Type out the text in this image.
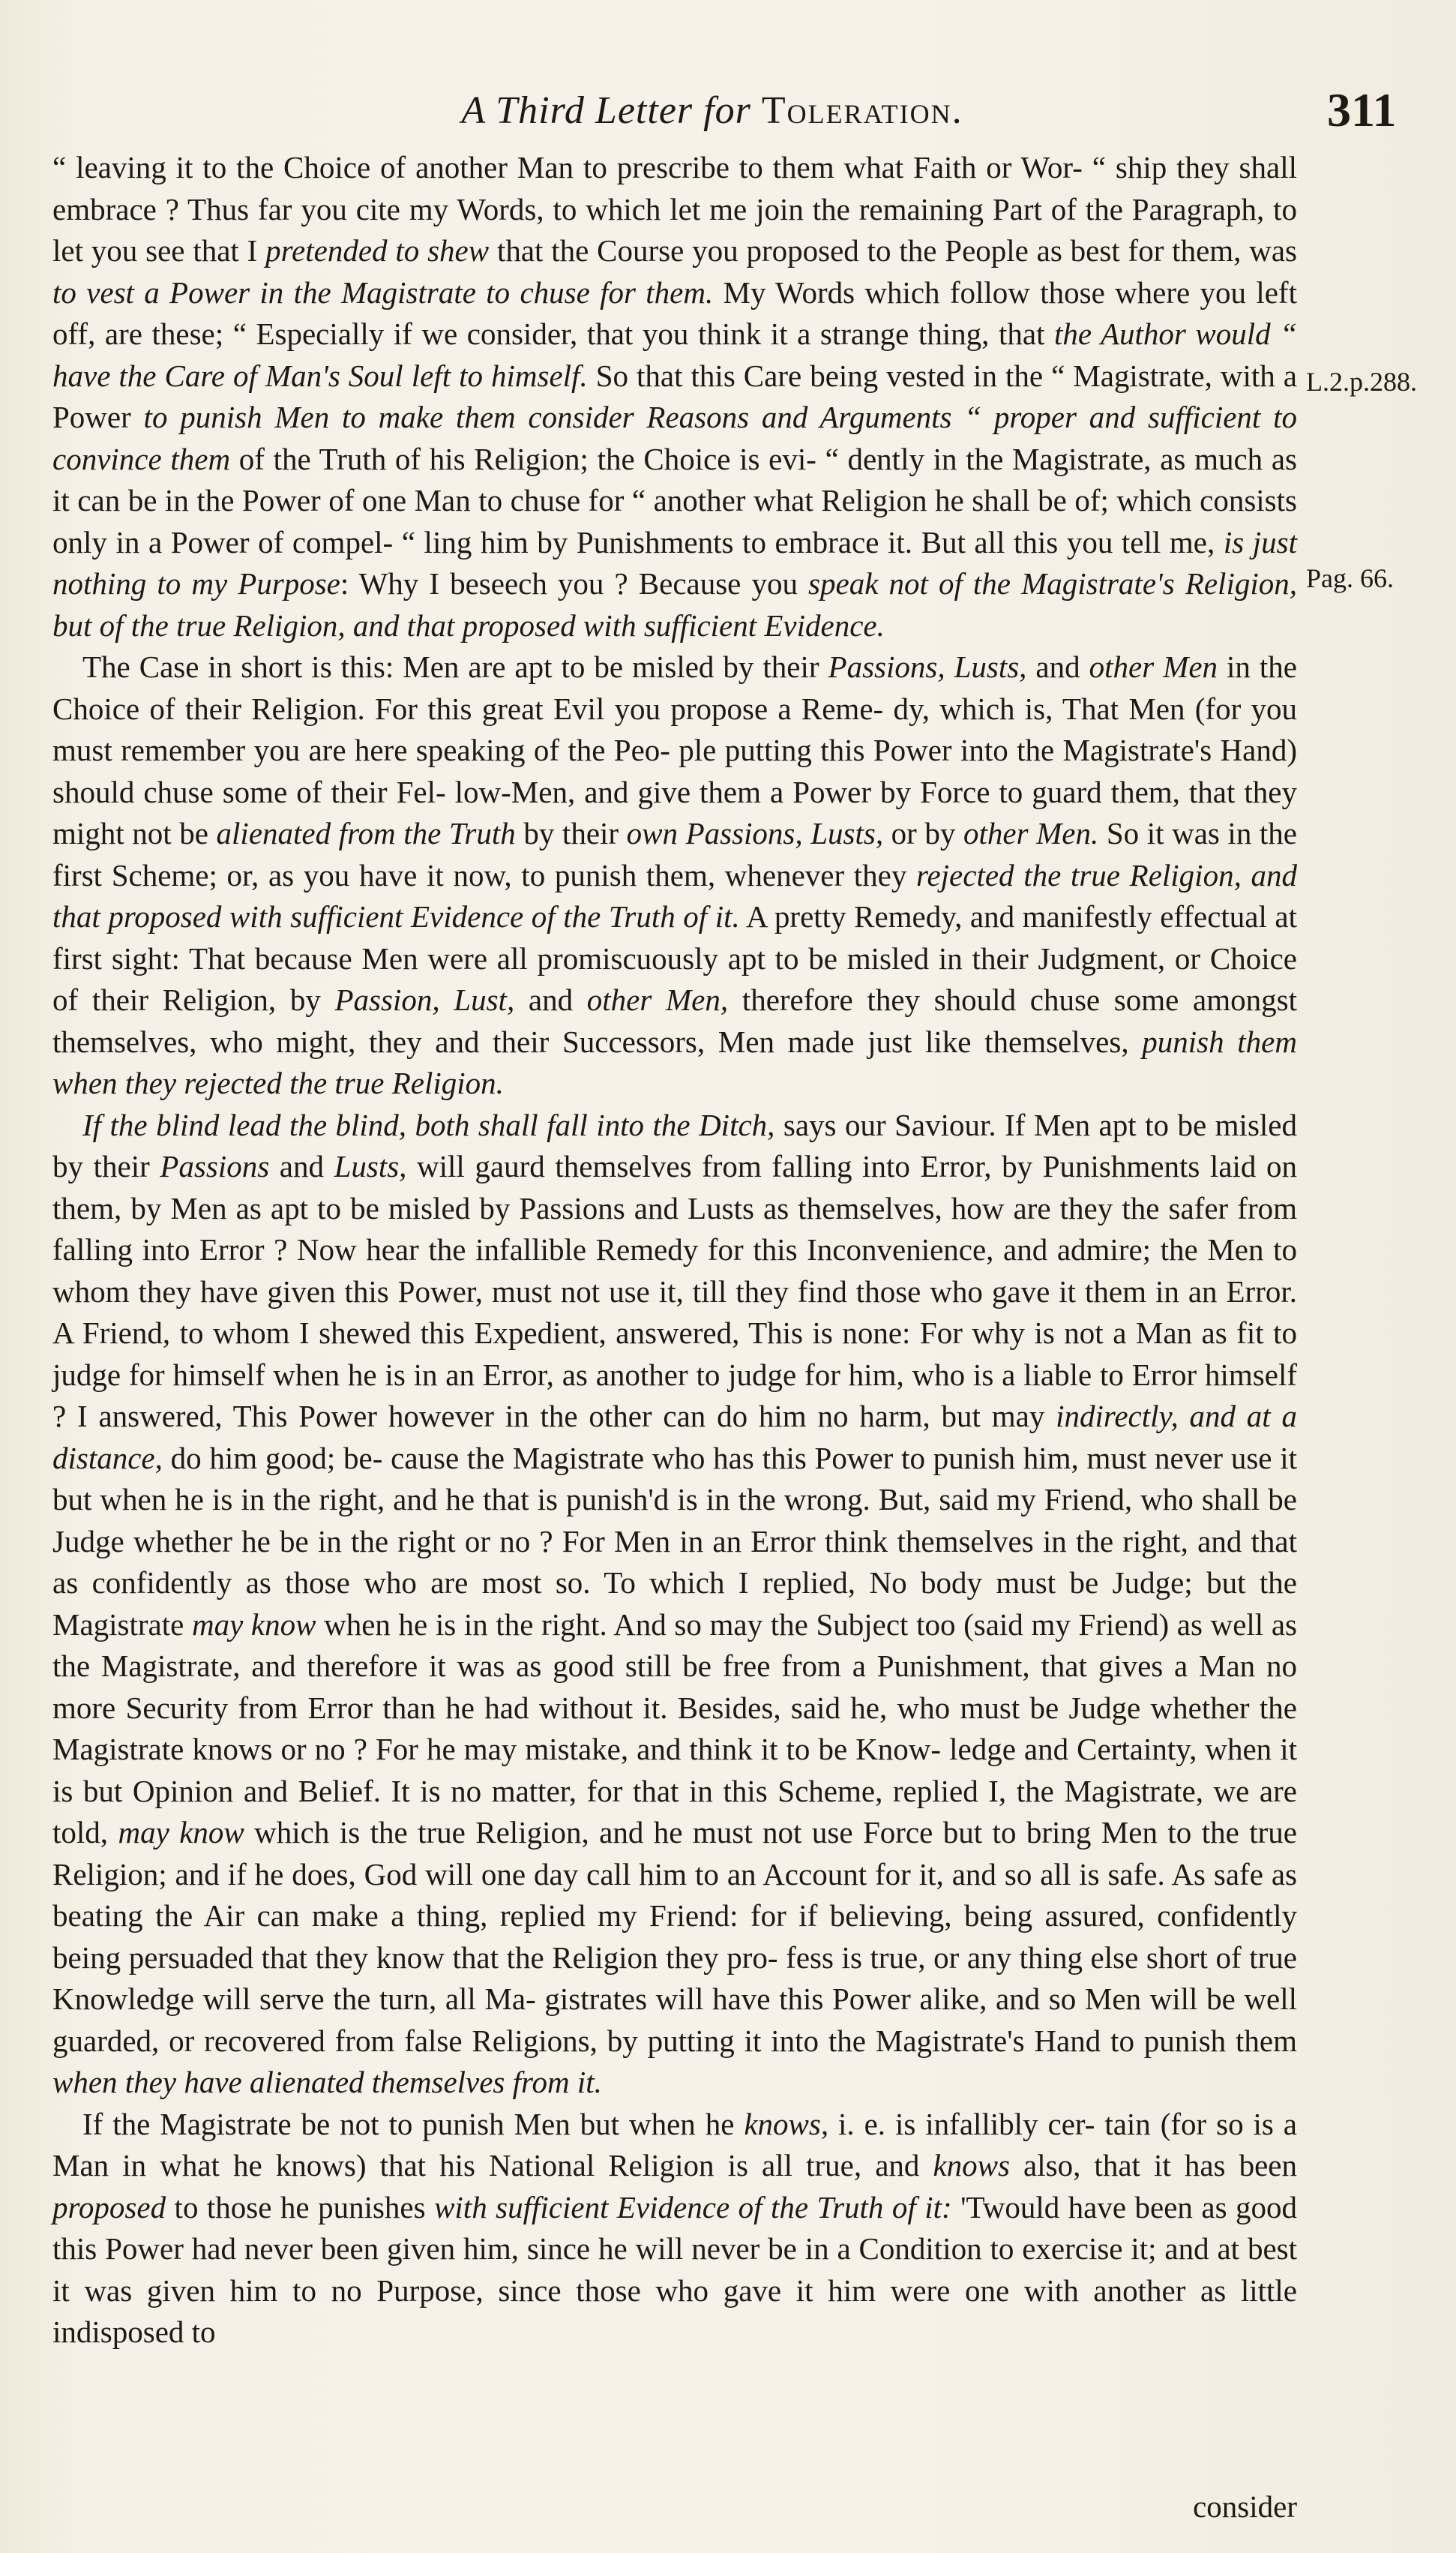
A Third Letter for Toleration.	311
L.2.p.288.
Pag. 66.

“ leaving it to the Choice of another Man to prescribe to them what Faith or Wor- “ ship they shall embrace ? Thus far you cite my Words, to which let me join the remaining Part of the Paragraph, to let you see that I pretended to shew that the Course you proposed to the People as best for them, was to vest a Power in the Magistrate to chuse for them. My Words which follow those where you left off, are these; “ Especially if we consider, that you think it a strange thing, that the Author would “ have the Care of Man's Soul left to himself. So that this Care being vested in the “ Magistrate, with a Power to punish Men to make them consider Reasons and Arguments “ proper and sufficient to convince them of the Truth of his Religion; the Choice is evi- “ dently in the Magistrate, as much as it can be in the Power of one Man to chuse for “ another what Religion he shall be of; which consists only in a Power of compel- “ ling him by Punishments to embrace it. But all this you tell me, is just nothing to my Purpose: Why I beseech you ? Because you speak not of the Magistrate's Religion, but of the true Religion, and that proposed with sufficient Evidence.

The Case in short is this: Men are apt to be misled by their Passions, Lusts, and other Men in the Choice of their Religion. For this great Evil you propose a Reme- dy, which is, That Men (for you must remember you are here speaking of the Peo- ple putting this Power into the Magistrate's Hand) should chuse some of their Fel- low-Men, and give them a Power by Force to guard them, that they might not be alienated from the Truth by their own Passions, Lusts, or by other Men. So it was in the first Scheme; or, as you have it now, to punish them, whenever they rejected the true Religion, and that proposed with sufficient Evidence of the Truth of it. A pretty Remedy, and manifestly effectual at first sight: That because Men were all promiscuously apt to be misled in their Judgment, or Choice of their Religion, by Passion, Lust, and other Men, therefore they should chuse some amongst themselves, who might, they and their Successors, Men made just like themselves, punish them when they rejected the true Religion.

If the blind lead the blind, both shall fall into the Ditch, says our Saviour. If Men apt to be misled by their Passions and Lusts, will gaurd themselves from falling into Error, by Punishments laid on them, by Men as apt to be misled by Passions and Lusts as themselves, how are they the safer from falling into Error ? Now hear the infallible Remedy for this Inconvenience, and admire; the Men to whom they have given this Power, must not use it, till they find those who gave it them in an Error. A Friend, to whom I shewed this Expedient, answered, This is none: For why is not a Man as fit to judge for himself when he is in an Error, as another to judge for him, who is a liable to Error himself ? I answered, This Power however in the other can do him no harm, but may indirectly, and at a distance, do him good; be- cause the Magistrate who has this Power to punish him, must never use it but when he is in the right, and he that is punish'd is in the wrong. But, said my Friend, who shall be Judge whether he be in the right or no ? For Men in an Error think themselves in the right, and that as confidently as those who are most so. To which I replied, No body must be Judge; but the Magistrate may know when he is in the right. And so may the Subject too (said my Friend) as well as the Magistrate, and therefore it was as good still be free from a Punishment, that gives a Man no more Security from Error than he had without it. Besides, said he, who must be Judge whether the Magistrate knows or no ? For he may mistake, and think it to be Know- ledge and Certainty, when it is but Opinion and Belief. It is no matter, for that in this Scheme, replied I, the Magistrate, we are told, may know which is the true Religion, and he must not use Force but to bring Men to the true Religion; and if he does, God will one day call him to an Account for it, and so all is safe. As safe as beating the Air can make a thing, replied my Friend: for if believing, being assured, confidently being persuaded that they know that the Religion they pro- fess is true, or any thing else short of true Knowledge will serve the turn, all Ma- gistrates will have this Power alike, and so Men will be well guarded, or recovered from false Religions, by putting it into the Magistrate's Hand to punish them when they have alienated themselves from it.

If the Magistrate be not to punish Men but when he knows, i. e. is infallibly cer- tain (for so is a Man in what he knows) that his National Religion is all true, and knows also, that it has been proposed to those he punishes with sufficient Evidence of the Truth of it: 'Twould have been as good this Power had never been given him, since he will never be in a Condition to exercise it; and at best it was given him to no Purpose, since those who gave it him were one with another as little indisposed to

consider
